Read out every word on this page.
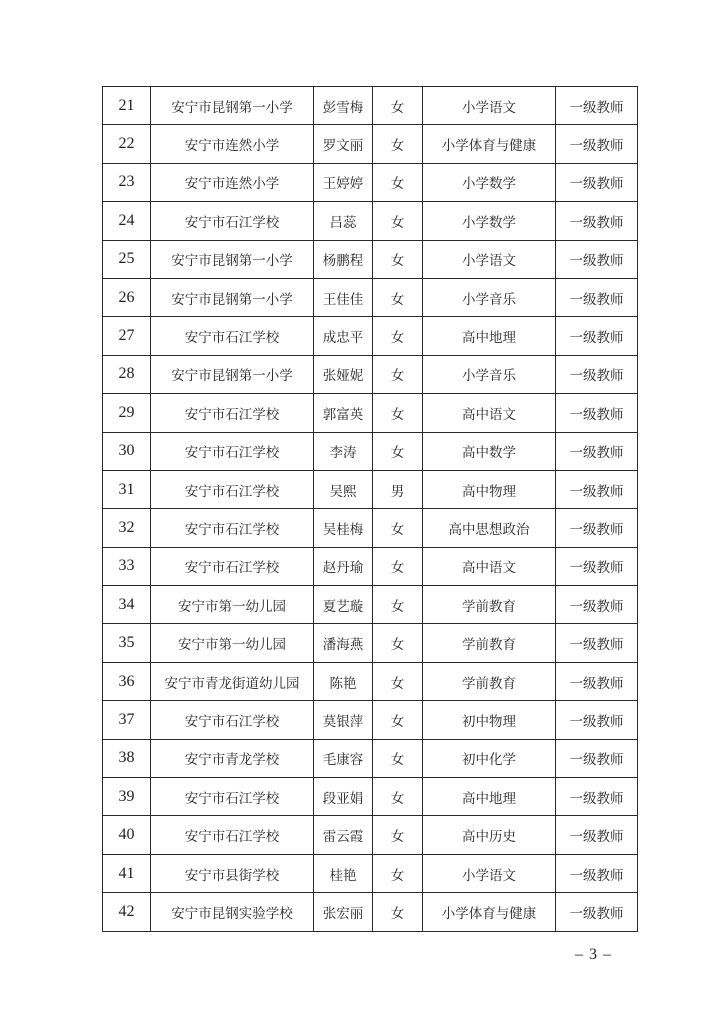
21	安宁市昆钢第一小学	彭雪梅	女	小学语文	一级教师
22	安宁市连然小学	罗文丽	女	小学体育与健康	一级教师
23	安宁市连然小学	王婷婷	女	小学数学	一级教师
24	安宁市石江学校	吕蕊	女	小学数学	一级教师
25	安宁市昆钢第一小学	杨鹏程	女	小学语文	一级教师
26	安宁市昆钢第一小学	王佳佳	女	小学音乐	一级教师
27	安宁市石江学校	成忠平	女	高中地理	一级教师
28	安宁市昆钢第一小学	张娅妮	女	小学音乐	一级教师
29	安宁市石江学校	郭富英	女	高中语文	一级教师
30	安宁市石江学校	李涛	女	高中数学	一级教师
31	安宁市石江学校	吴熙	男	高中物理	一级教师
32	安宁市石江学校	吴桂梅	女	高中思想政治	一级教师
33	安宁市石江学校	赵丹瑜	女	高中语文	一级教师
34	安宁市第一幼儿园	夏艺璇	女	学前教育	一级教师
35	安宁市第一幼儿园	潘海燕	女	学前教育	一级教师
36	安宁市青龙街道幼儿园	陈艳	女	学前教育	一级教师
37	安宁市石江学校	莫银萍	女	初中物理	一级教师
38	安宁市青龙学校	毛康容	女	初中化学	一级教师
39	安宁市石江学校	段亚娟	女	高中地理	一级教师
40	安宁市石江学校	雷云霞	女	高中历史	一级教师
41	安宁市县街学校	桂艳	女	小学语文	一级教师
42	安宁市昆钢实验学校	张宏丽	女	小学体育与健康	一级教师
– 3 –
